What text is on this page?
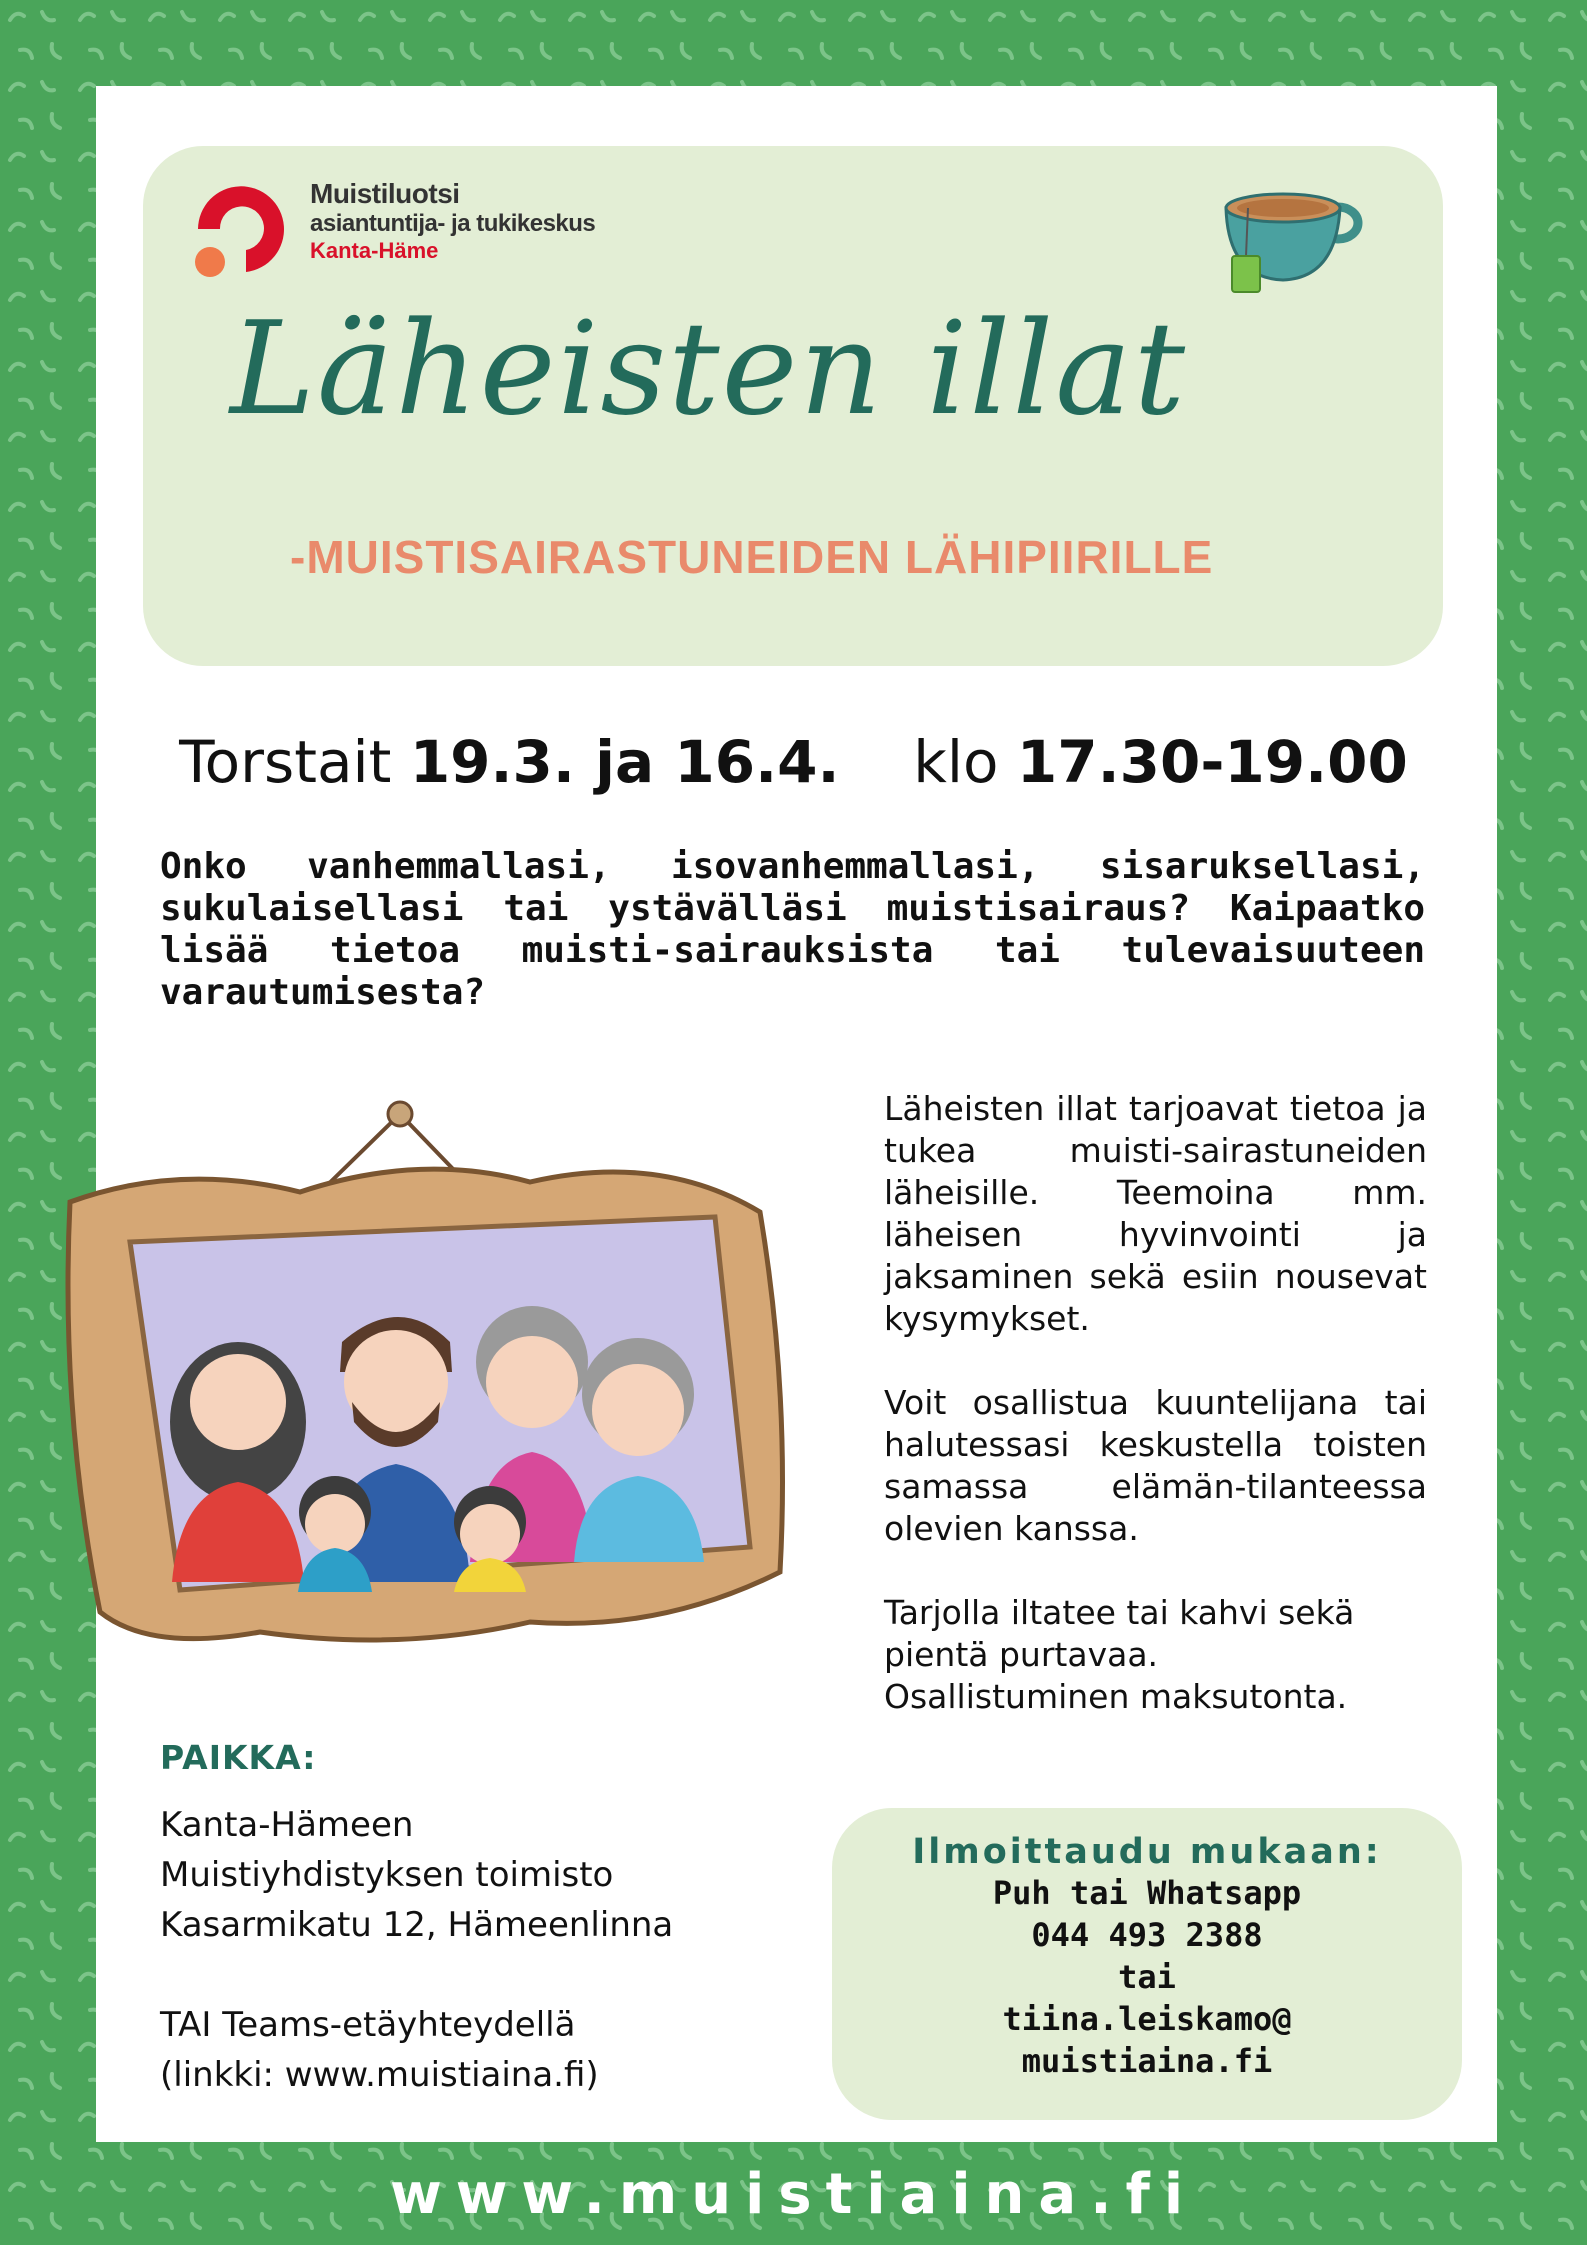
Muistiluotsi
asiantuntija- ja tukikeskus
Kanta-Häme
Läheisten illat
-MUISTISAIRASTUNEIDEN LÄHIPIIRILLE
Torstait 19.3. ja 16.4. klo 17.30-19.00
Onko vanhemmallasi, isovanhemmallasi, sisaruksellasi, sukulaisellasi tai ystävälläsi muistisairaus? Kaipaatko lisää tietoa muisti-sairauksista tai tulevaisuuteen varautumisesta?

Läheisten illat tarjoavat tietoa ja tukea muisti-sairastuneiden läheisille. Teemoina mm. läheisen hyvinvointi ja jaksaminen sekä esiin nousevat kysymykset.

Voit osallistua kuuntelijana tai halutessasi keskustella toisten samassa elämän-tilanteessa olevien kanssa.

Tarjolla iltatee tai kahvi sekä pientä purtavaa.
Osallistuminen maksutonta.

PAIKKA:
Kanta-Hämeen
Muistiyhdistyksen toimisto
Kasarmikatu 12, Hämeenlinna
TAI Teams-etäyhteydellä
(linkki: www.muistiaina.fi)
Ilmoittaudu mukaan:
Puh tai Whatsapp
044 493 2388
tai
tiina.leiskamo@
muistiaina.fi
www.muistiaina.fi
